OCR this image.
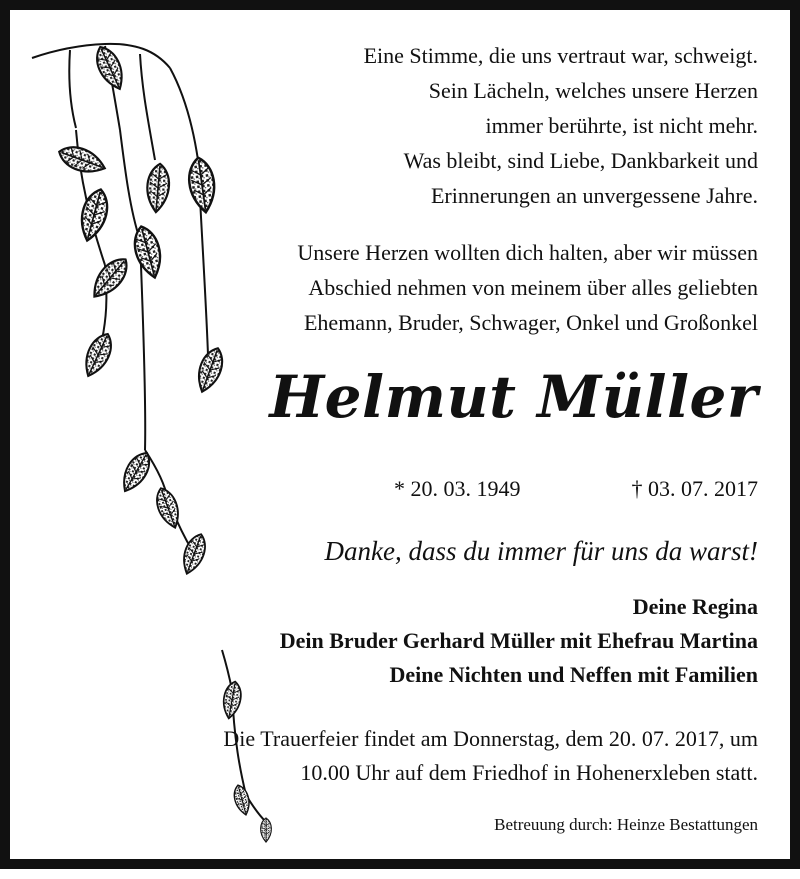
Eine Stimme, die uns vertraut war, schweigt.
Sein Lächeln, welches unsere Herzen
immer berührte, ist nicht mehr.
Was bleibt, sind Liebe, Dankbarkeit und
Erinnerungen an unvergessene Jahre.
Unsere Herzen wollten dich halten, aber wir müssen
Abschied nehmen von meinem über alles geliebten
Ehemann, Bruder, Schwager, Onkel und Großonkel
Helmut Müller
* 20. 03. 1949	† 03. 07. 2017
Danke, dass du immer für uns da warst!
Deine Regina
Dein Bruder Gerhard Müller mit Ehefrau Martina
Deine Nichten und Neffen mit Familien
Die Trauerfeier findet am Donnerstag, dem 20. 07. 2017, um
10.00 Uhr auf dem Friedhof in Hohenerxleben statt.
Betreuung durch: Heinze Bestattungen
